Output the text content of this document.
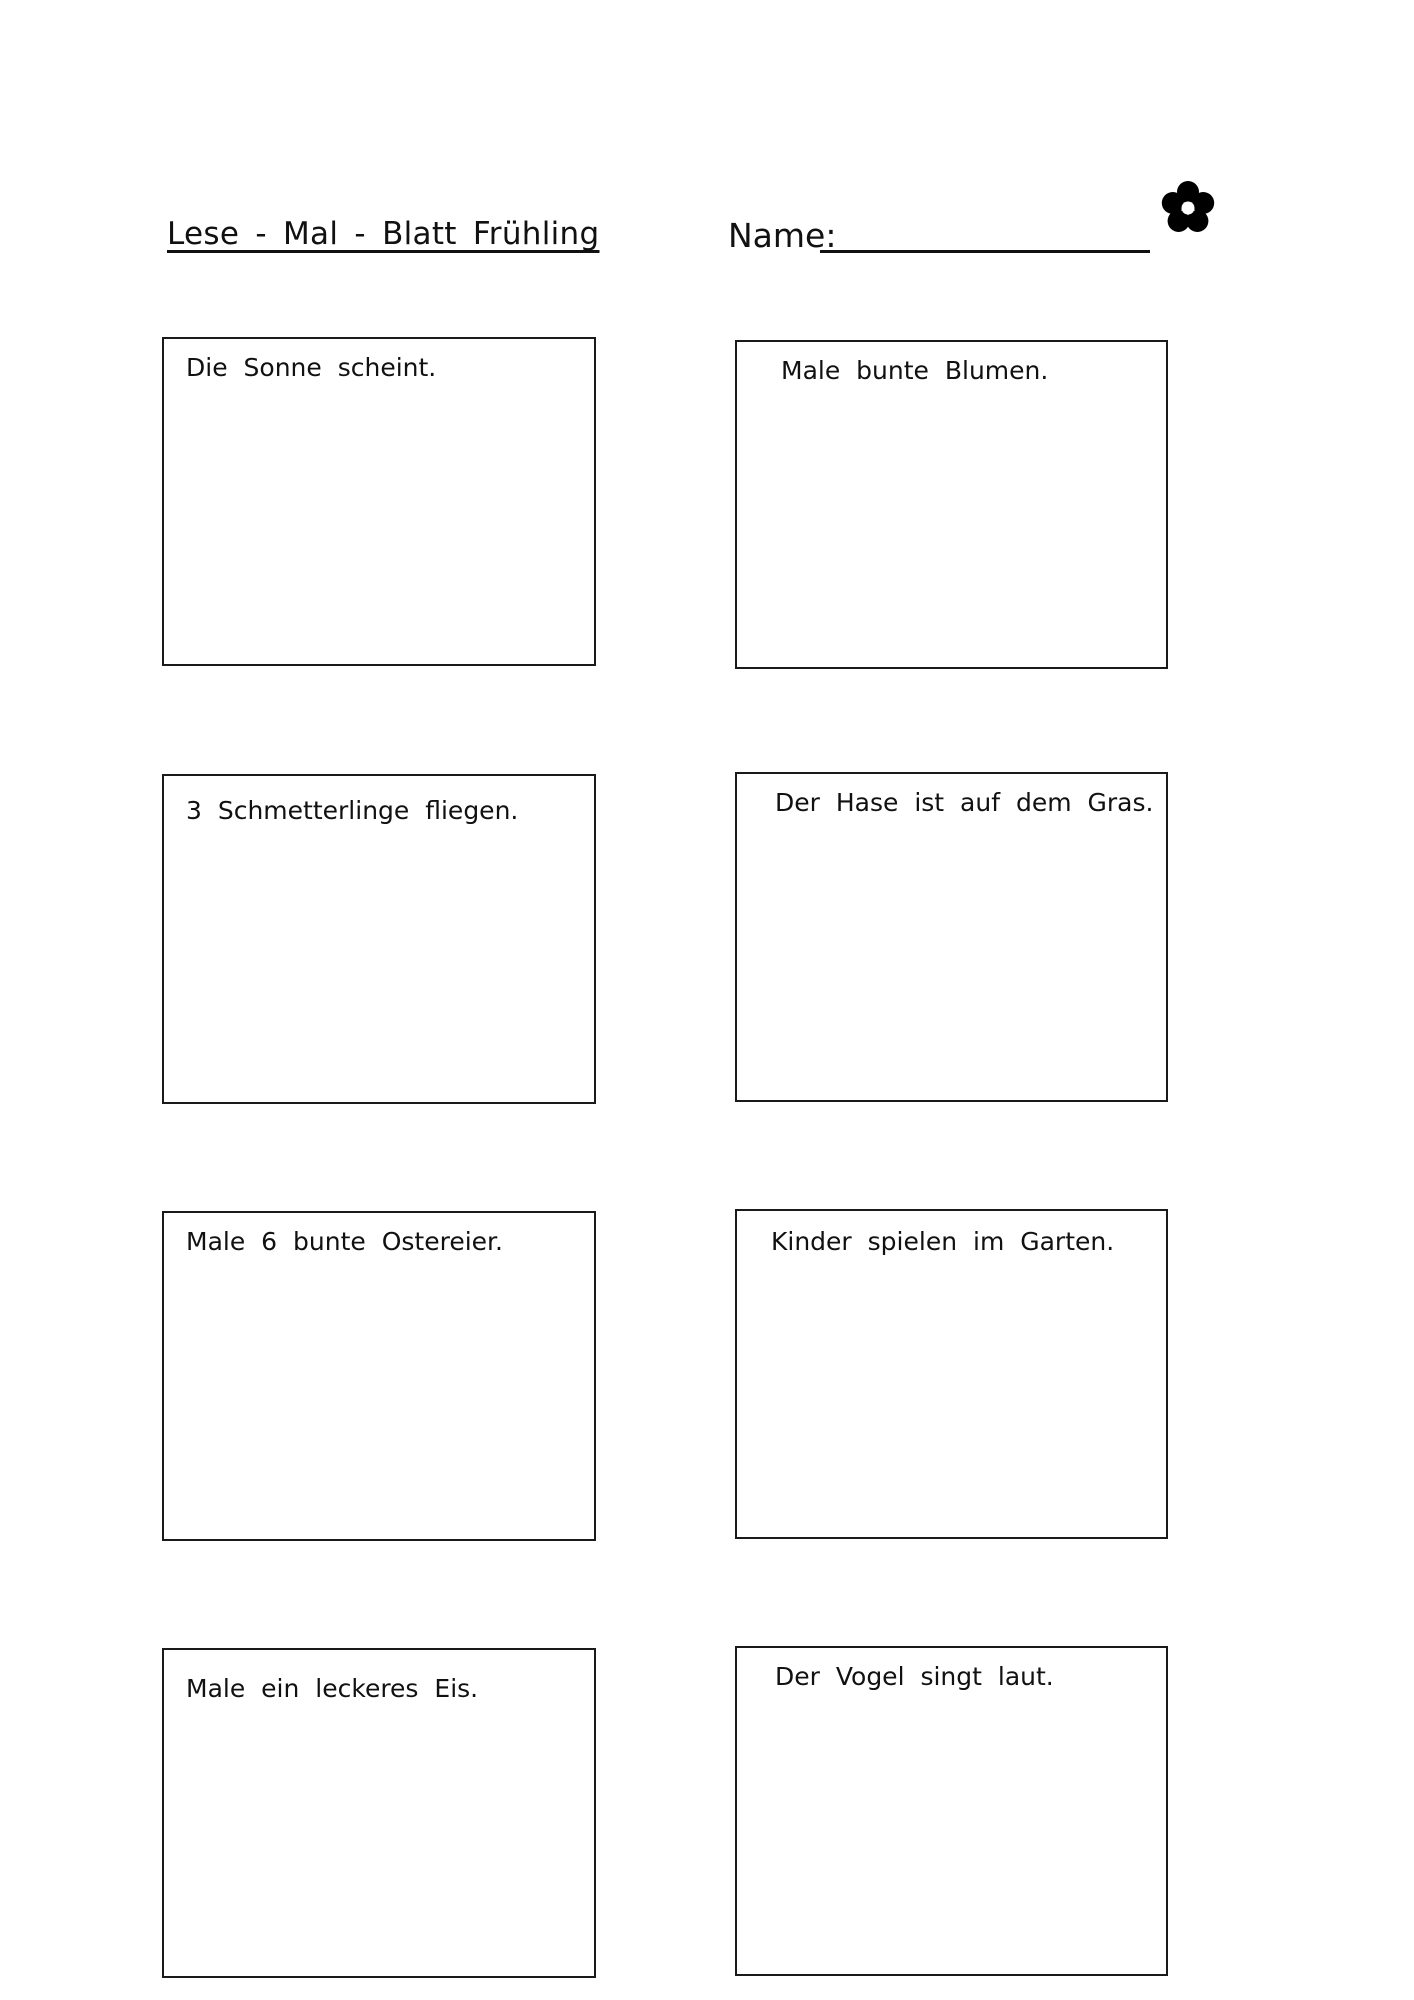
Lese - Mal - Blatt Frühling	Name:
Die Sonne scheint.	Male bunte Blumen.
3 Schmetterlinge fliegen.	Der Hase ist auf dem Gras.
Male 6 bunte Ostereier.	Kinder spielen im Garten.
Male ein leckeres Eis.	Der Vogel singt laut.
